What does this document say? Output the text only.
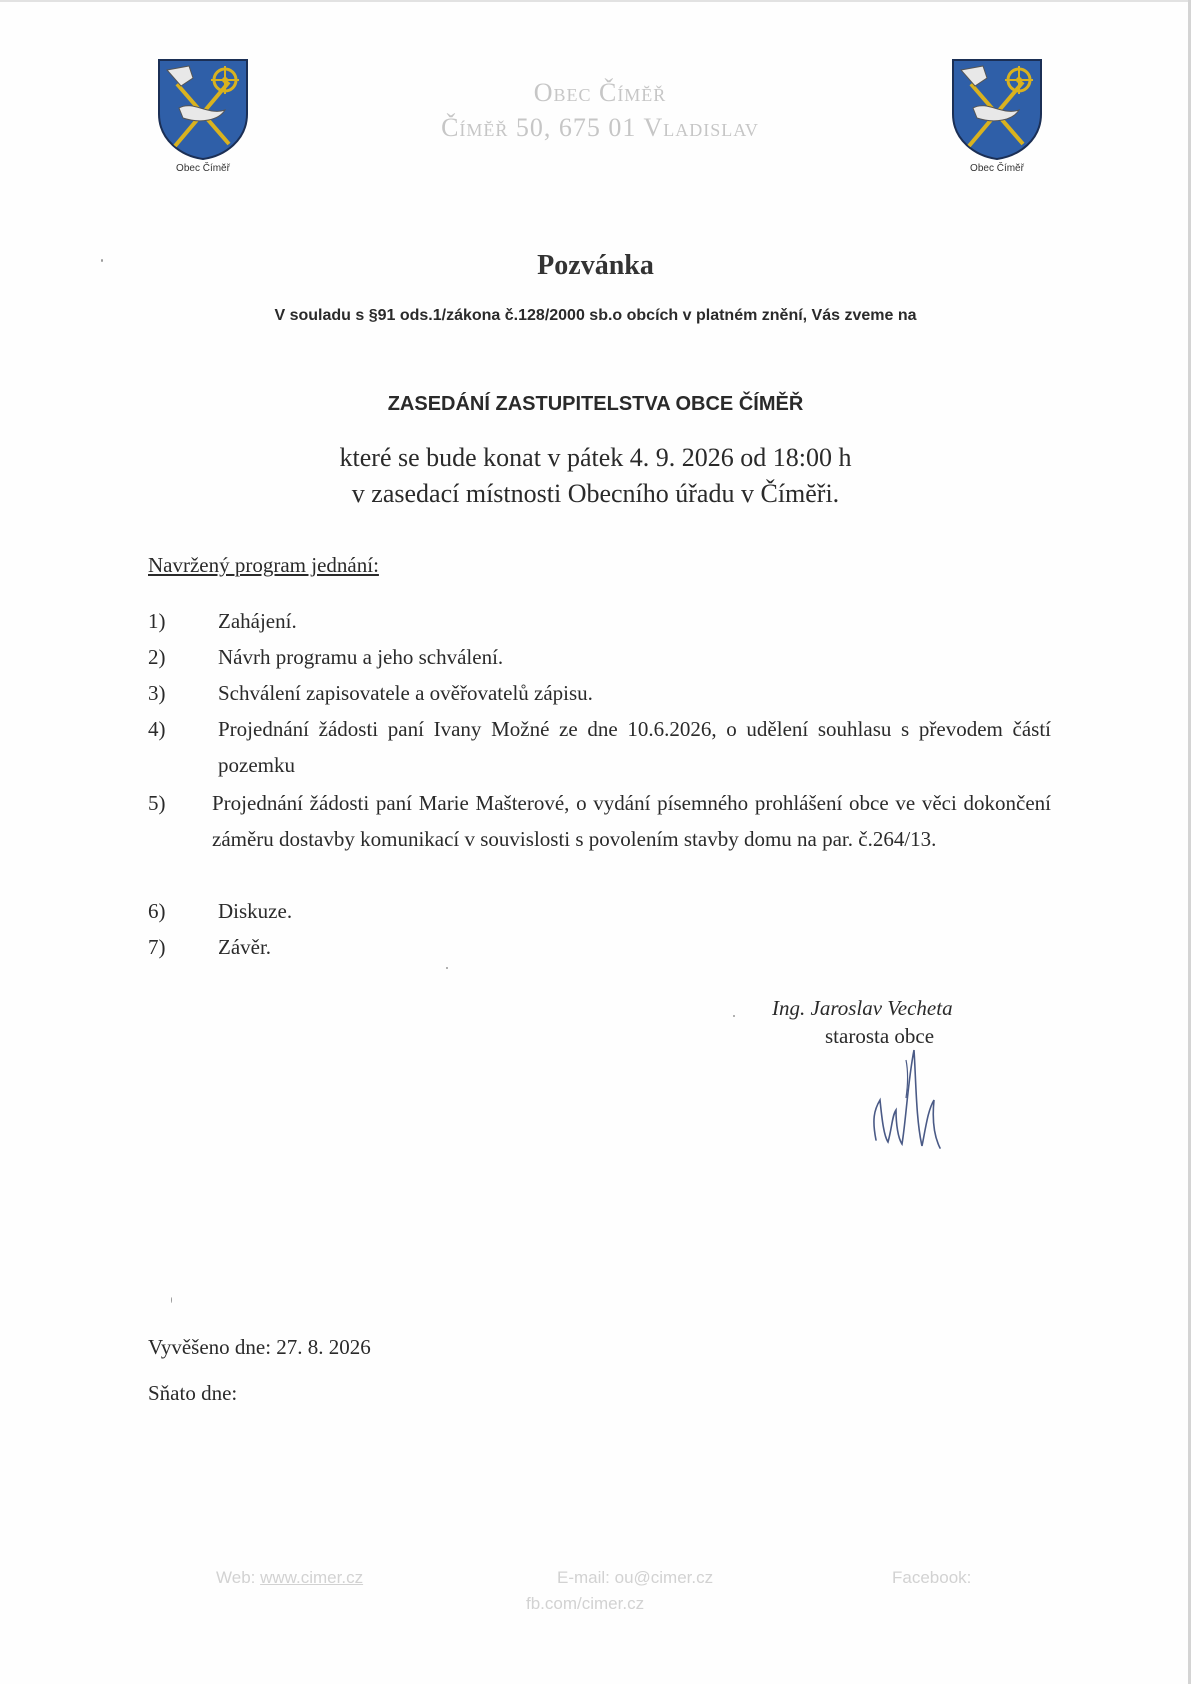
Obec Čímĕř	Obec Čímĕř
Obec Čímĕř
Čímĕř 50, 675 01 Vladislav
Pozvánka
V souladu s §91 ods.1/zákona č.128/2000 sb.o obcích v platném znění, Vás zveme na
ZASEDÁNÍ ZASTUPITELSTVA OBCE ČÍMĚŘ
které se bude konat v pátek 4. 9. 2026 od 18:00 h
v zasedací místnosti Obecního úřadu v Čímĕři.
Navržený program jednání:
1)	Zahájení.
2)	Návrh programu a jeho schválení.
3)	Schválení zapisovatele a ověřovatelů zápisu.
4)	Projednání žádosti paní Ivany Možné ze dne 10.6.2026, o udělení souhlasu s převodem částí pozemku
5) Projednání žádosti paní Marie Mašterové, o vydání písemného prohlášení obce ve věci dokončení záměru dostavby komunikací v souvislosti s povolením stavby domu na par. č.264/13.
6)	Diskuze.
7)	Závěr.
Ing. Jaroslav Vecheta
starosta obce
Vyvěšeno dne: 27. 8. 2026
Sňato dne:
Web: www.cimer.cz	E-mail: ou@cimer.cz	Facebook:
fb.com/cimer.cz
